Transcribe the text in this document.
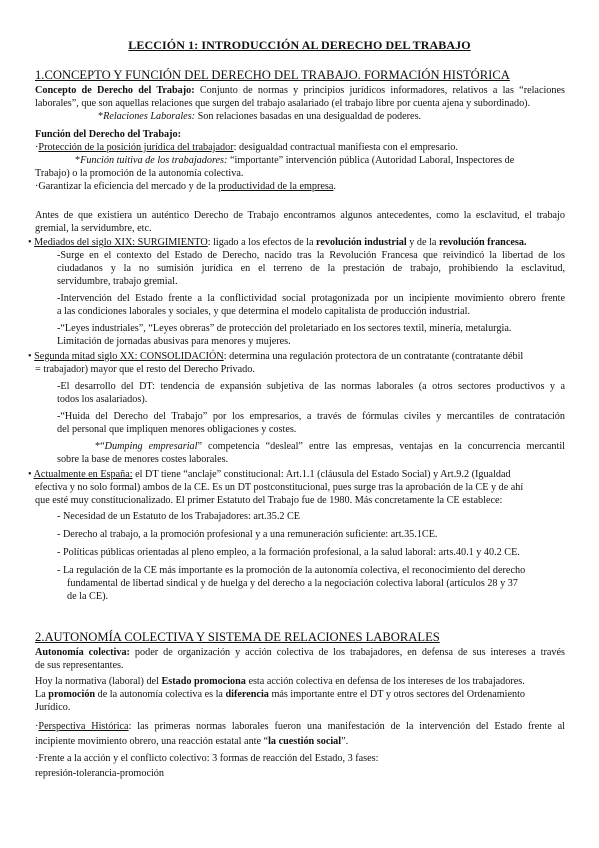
LECCIÓN 1: INTRODUCCIÓN AL DERECHO DEL TRABAJO
1.CONCEPTO Y FUNCIÓN DEL DERECHO DEL TRABAJO. FORMACIÓN HISTÓRICA
Concepto de Derecho del Trabajo: Conjunto de normas y principios jurídicos informadores, relativos a las “relaciones
laborales”, que son aquellas relaciones que surgen del trabajo asalariado (el trabajo libre por cuenta ajena y subordinado).
*Relaciones Laborales: Son relaciones basadas en una desigualdad de poderes.
Función del Derecho del Trabajo:
·Protección de la posición jurídica del trabajador: desigualdad contractual manifiesta con el empresario.
*Función tuitiva de los trabajadores: “importante” intervención pública (Autoridad Laboral, Inspectores de
Trabajo) o la promoción de la autonomía colectiva.
·Garantizar la eficiencia del mercado y de la productividad de la empresa.
Antes de que existiera un auténtico Derecho de Trabajo encontramos algunos antecedentes, como la esclavitud, el trabajo
gremial, la servidumbre, etc.
• Mediados del siglo XIX: SURGIMIENTO: ligado a los efectos de la revolución industrial y de la revolución francesa.
-Surge en el contexto del Estado de Derecho, nacido tras la Revolución Francesa que reivindicó la libertad de los
ciudadanos y la no sumisión jurídica en el terreno de la prestación de trabajo, prohibiendo la esclavitud,
servidumbre, trabajo gremial.
-Intervención del Estado frente a la conflictividad social protagonizada por un incipiente movimiento obrero frente
a las condiciones laborales y sociales, y que determina el modelo capitalista de producción industrial.
-“Leyes industriales”, “Leyes obreras” de protección del proletariado en los sectores textil, minería, metalurgia.
Limitación de jornadas abusivas para menores y mujeres.
• Segunda mitad siglo XX: CONSOLIDACIÓN: determina una regulación protectora de un contratante (contratante débil
= trabajador) mayor que el resto del Derecho Privado.
-El desarrollo del DT: tendencia de expansión subjetiva de las normas laborales (a otros sectores productivos y a
todos los asalariados).
-“Huida del Derecho del Trabajo” por los empresarios, a través de fórmulas civiles y mercantiles de contratación
del personal que impliquen menores obligaciones y costes.
*“Dumping empresarial” competencia “desleal” entre las empresas, ventajas en la concurrencia mercantil
sobre la base de menores costes laborales.
• Actualmente en España: el DT tiene “anclaje” constitucional: Art.1.1 (cláusula del Estado Social) y Art.9.2 (Igualdad
efectiva y no solo formal) ambos de la CE. Es un DT postconstitucional, pues surge tras la aprobación de la CE y de ahí
que esté muy constitucionalizado. El primer Estatuto del Trabajo fue de 1980. Más concretamente la CE establece:
- Necesidad de un Estatuto de los Trabajadores: art.35.2 CE
- Derecho al trabajo, a la promoción profesional y a una remuneración suficiente: art.35.1CE.
- Políticas públicas orientadas al pleno empleo, a la formación profesional, a la salud laboral: arts.40.1 y 40.2 CE.
- La regulación de la CE más importante es la promoción de la autonomía colectiva, el reconocimiento del derecho
fundamental de libertad sindical y de huelga y del derecho a la negociación colectiva laboral (artículos 28 y 37
de la CE).
2.AUTONOMÍA COLECTIVA Y SISTEMA DE RELACIONES LABORALES
Autonomía colectiva: poder de organización y acción colectiva de los trabajadores, en defensa de sus intereses a través
de sus representantes.
Hoy la normativa (laboral) del Estado promociona esta acción colectiva en defensa de los intereses de los trabajadores.
La promoción de la autonomía colectiva es la diferencia más importante entre el DT y otros sectores del Ordenamiento
Jurídico.
·Perspectiva Histórica: las primeras normas laborales fueron una manifestación de la intervención del Estado frente al
incipiente movimiento obrero, una reacción estatal ante “la cuestión social”.
·Frente a la acción y el conflicto colectivo: 3 formas de reacción del Estado, 3 fases:
represión-tolerancia-promoción
